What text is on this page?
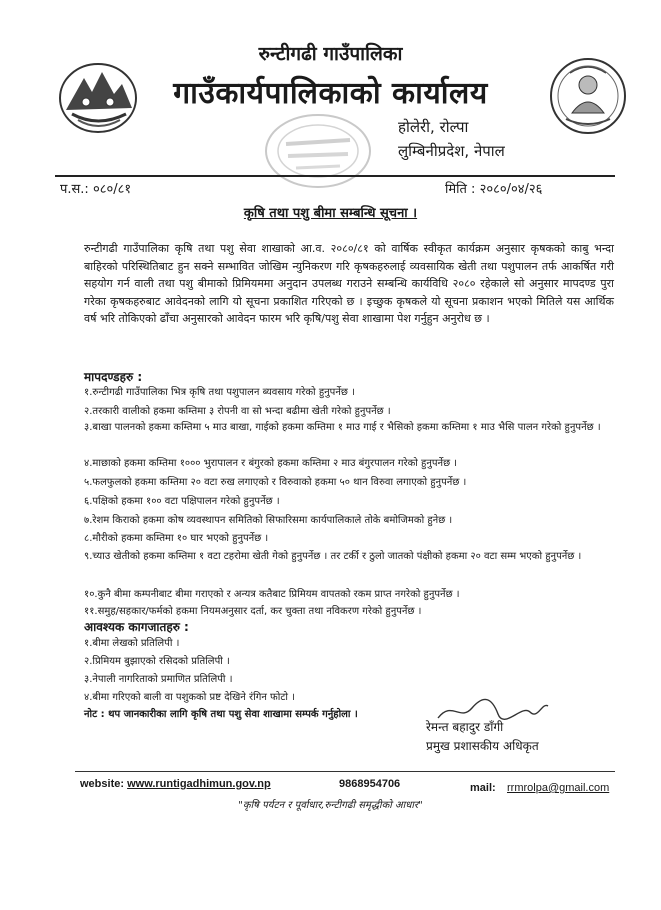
रुन्टीगढी गाउँपालिका
गाउँकार्यपालिकाको कार्यालय
होलेरी, रोल्पा
लुम्बिनीप्रदेश, नेपाल
प.स.: ०८०/८१	मिति : २०८०/०४/२६
कृषि तथा पशु बीमा सम्बन्धि सूचना ।
रुन्टीगढी गाउँपालिका कृषि तथा पशु सेवा शाखाको आ.व. २०८०/८१ को वार्षिक स्वीकृत कार्यक्रम अनुसार कृषकको काबु भन्दा बाहिरको परिस्थितिबाट हुन सक्ने सम्भावित जोखिम न्युनिकरण गरि कृषकहरुलाई व्यवसायिक खेती तथा पशुपालन तर्फ आकर्षित गरी सहयोग गर्न वाली तथा पशु बीमाको प्रिमियममा अनुदान उपलब्ध गराउने सम्बन्धि कार्यविधि २०८० रहेकाले सो अनुसार मापदण्ड पुरा गरेका कृषकहरुबाट आवेदनको लागि यो सूचना प्रकाशित गरिएको छ । इच्छुक कृषकले यो सूचना प्रकाशन भएको मितिले यस आर्थिक वर्ष भरि तोकिएको ढाँचा अनुसारको आवेदन फारम भरि कृषि/पशु सेवा शाखामा पेश गर्नुहुन अनुरोध छ ।
मापदण्डहरु :
१.रुन्टीगढी गाउँपालिका भित्र कृषि तथा पशुपालन ब्यवसाय गरेको हुनुपर्नेछ ।
२.तरकारी वालीको हकमा कम्तिमा ३ रोपनी वा सो भन्दा बढीमा खेती गरेको हुनुपर्नेछ ।
३.बाखा पालनको हकमा कम्तिमा ५ माउ बाखा, गाईको हकमा कम्तिमा १ माउ गाई र भैसिको हकमा कम्तिमा १ माउ भैसि पालन गरेको हुनुपर्नेछ ।
४.माछाको हकमा कम्तिमा १००० भुरापालन र बंगुरको हकमा कम्तिमा २ माउ बंगुरपालन गरेको हुनुपर्नेछ ।
५.फलफुलको हकमा कम्तिमा २० वटा रुख लगाएको र विरुवाको हकमा ५० थान विरुवा लगाएको हुनुपर्नेछ ।
६.पक्षिको हकमा १०० वटा पक्षिपालन गरेको हुनुपर्नेछ ।
७.रेशम किराको हकमा कोष व्यवस्थापन समितिको सिफारिसमा कार्यपालिकाले तोके बमोजिमको हुनेछ ।
८.मौरीको हकमा कम्तिमा १० घार भएको हुनुपर्नेछ ।
९.च्याउ खेतीको हकमा कम्तिमा १ वटा टहरोमा खेती गेको हुनुपर्नेछ । तर टर्की र ठुलो जातको पंक्षीको हकमा २० वटा सम्म भएको हुनुपर्नेछ ।
१०.कुनै बीमा कम्पनीबाट बीमा गराएको र अन्यत्र कतैबाट प्रिमियम वापतको रकम प्राप्त नगरेको हुनुपर्नेछ ।
११.समुह/सहकार/फर्मको हकमा नियमअनुसार दर्ता, कर चुक्ता तथा नविकरण गरेको हुनुपर्नेछ ।
आवश्यक कागजातहरु :
१.बीमा लेखको प्रतिलिपी ।
२.प्रिमियम बुझाएको रसिदको प्रतिलिपी ।
३.नेपाली नागरिताको प्रमाणित प्रतिलिपी ।
४.बीमा गरिएको बाली वा पशुकको प्रष्ट देखिने रंगिन फोटो ।
नोट : थप जानकारीका लागि कृषि तथा पशु सेवा शाखामा सम्पर्क गर्नुहोला ।
रेमन्त बहादुर डाँगी
प्रमुख प्रशासकीय अधिकृत
website: www.runtigadhimun.gov.np	9868954706	mail: rrmrolpa@gmail.com
"कृषि पर्यटन र पूर्वाधार,रुन्टीगढी समृद्धीको आधार"
